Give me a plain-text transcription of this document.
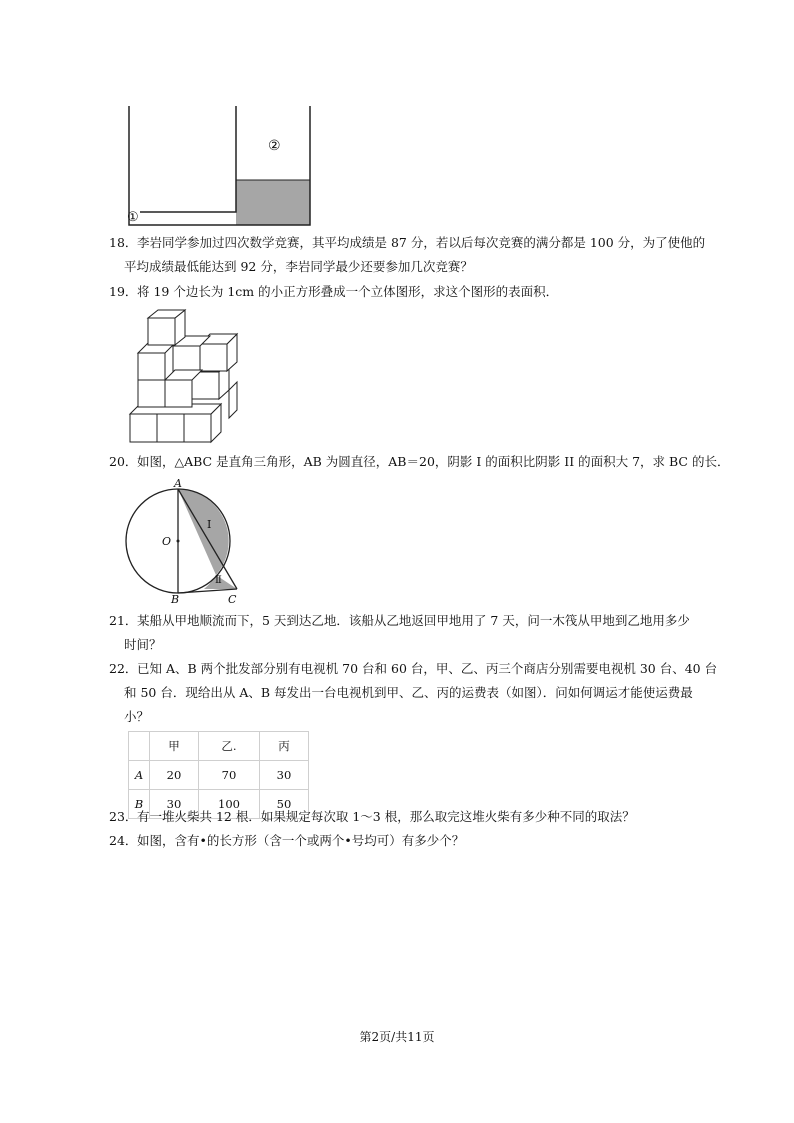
①
②
18．李岩同学参加过四次数学竞赛，其平均成绩是 87 分，若以后每次竞赛的满分都是 100 分，为了使他的
平均成绩最低能达到 92 分，李岩同学最少还要参加几次竞赛？
19．将 19 个边长为 1cm 的小正方形叠成一个立体图形，求这个图形的表面积．
20．如图，△ABC 是直角三角形，AB 为圆直径，AB＝20，阴影 I 的面积比阴影 II 的面积大 7，求 BC 的长．
A
O
I
Ⅱ
B	C
21．某船从甲地顺流而下，5 天到达乙地．该船从乙地返回甲地用了 7 天，问一木筏从甲地到乙地用多少
时间？
22．已知 A、B 两个批发部分别有电视机 70 台和 60 台，甲、乙、丙三个商店分别需要电视机 30 台、40 台
和 50 台．现给出从 A、B 每发出一台电视机到甲、乙、丙的运费表（如图）．问如何调运才能使运费最
小？
	甲	乙.	丙
A	20	70	30
B	30	100	50
23．有一堆火柴共 12 根．如果规定每次取 1～3 根，那么取完这堆火柴有多少种不同的取法？
24．如图，含有•的长方形（含一个或两个•号均可）有多少个？
第2页/共11页
